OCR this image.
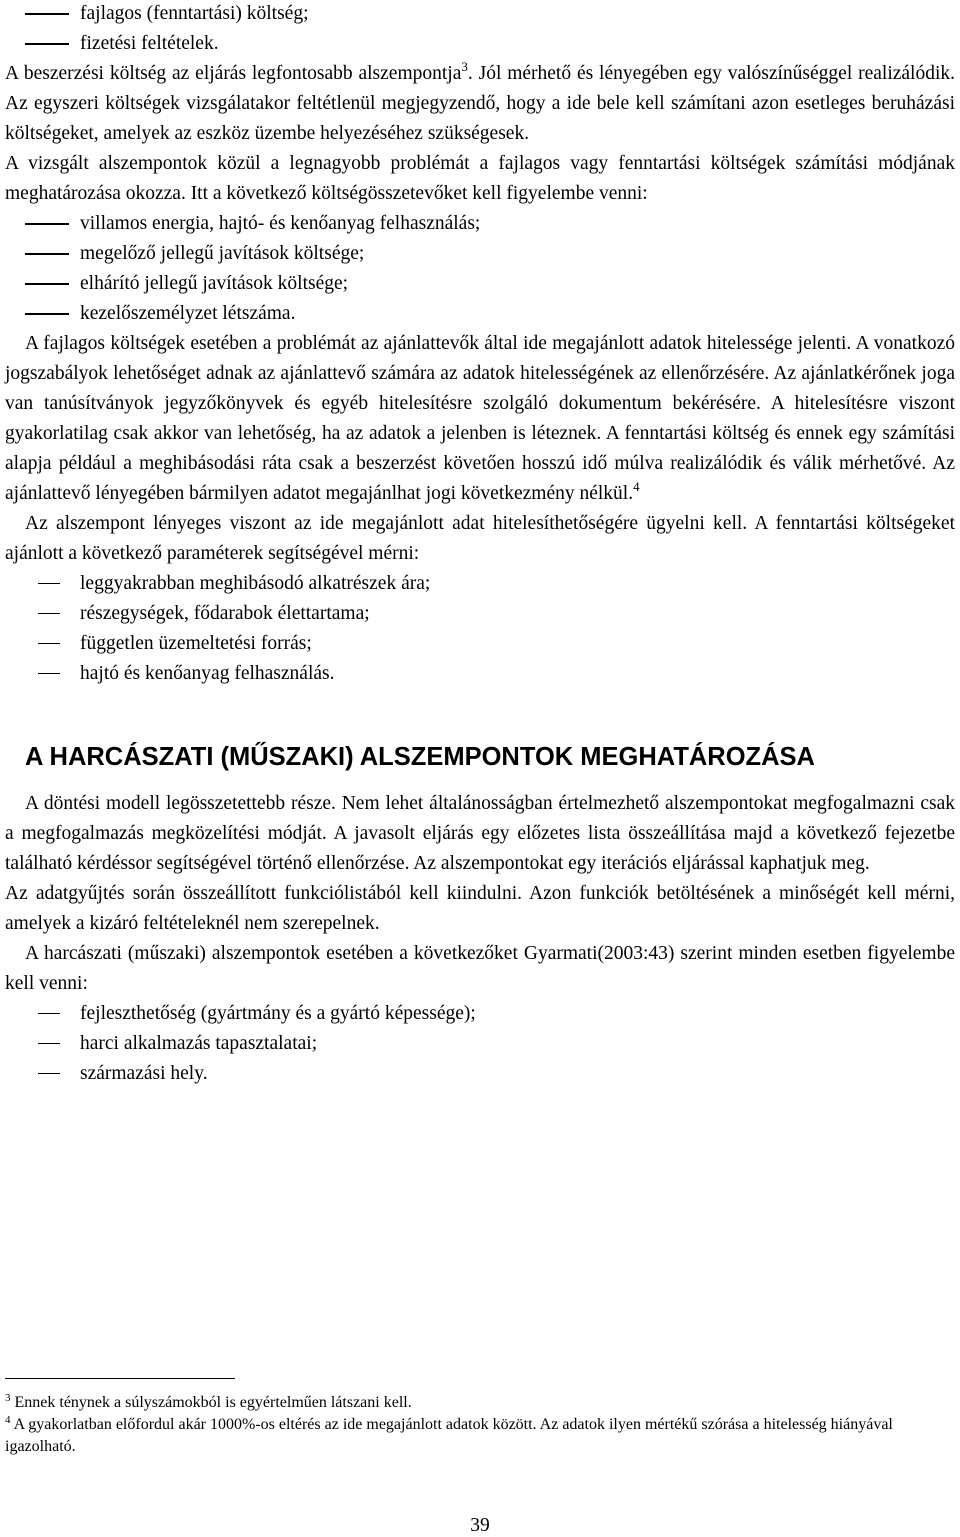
fajlagos (fenntartási) költség;
fizetési feltételek.

A beszerzési költség az eljárás legfontosabb alszempontja$^3$. Jól mérhető és lényegében egy valószínűséggel realizálódik. Az egyszeri költségek vizsgálatakor feltétlenül megjegyzendő, hogy a ide bele kell számítani azon esetleges beruházási költségeket, amelyek az eszköz üzembe helyezéséhez szükségesek.

A vizsgált alszempontok közül a legnagyobb problémát a fajlagos vagy fenntartási költségek számítási módjának meghatározása okozza. Itt a következő költségösszetevőket kell figyelembe venni:

villamos energia, hajtó- és kenőanyag felhasználás;
megelőző jellegű javítások költsége;
elhárító jellegű javítások költsége;
kezelőszemélyzet létszáma.

A fajlagos költségek esetében a problémát az ajánlattevők által ide megajánlott adatok hitelessége jelenti. A vonatkozó jogszabályok lehetőséget adnak az ajánlattevő számára az adatok hitelességének az ellenőrzésére. Az ajánlatkérőnek joga van tanúsítványok jegyzőkönyvek és egyéb hitelesítésre szolgáló dokumentum bekérésére. A hitelesítésre viszont gyakorlatilag csak akkor van lehetőség, ha az adatok a jelenben is léteznek. A fenntartási költség és ennek egy számítási alapja például a meghibásodási ráta csak a beszerzést követően hosszú idő múlva realizálódik és válik mérhetővé. Az ajánlattevő lényegében bármilyen adatot megajánlhat jogi következmény nélkül.$^4$

Az alszempont lényeges viszont az ide megajánlott adat hitelesíthetőségére ügyelni kell. A fenntartási költségeket ajánlott a következő paraméterek segítségével mérni:

leggyakrabban meghibásodó alkatrészek ára;
részegységek, fődarabok élettartama;
független üzemeltetési forrás;
hajtó és kenőanyag felhasználás.
A HARCÁSZATI (MŰSZAKI) ALSZEMPONTOK MEGHATÁROZÁSA

A döntési modell legösszetettebb része. Nem lehet általánosságban értelmezhető alszempontokat megfogalmazni csak a megfogalmazás megközelítési módját. A javasolt eljárás egy előzetes lista összeállítása majd a következő fejezetbe található kérdéssor segítségével történő ellenőrzése. Az alszempontokat egy iterációs eljárással kaphatjuk meg.

Az adatgyűjtés során összeállított funkciólistából kell kiindulni. Azon funkciók betöltésének a minőségét kell mérni, amelyek a kizáró feltételeknél nem szerepelnek.

A harcászati (műszaki) alszempontok esetében a következőket Gyarmati(2003:43) szerint minden esetben figyelembe kell venni:

fejleszthetőség (gyártmány és a gyártó képessége);
harci alkalmazás tapasztalatai;
származási hely.

$^3$ Ennek ténynek a súlyszámokból is egyértelműen látszani kell.

$^4$ A gyakorlatban előfordul akár 1000%-os eltérés az ide megajánlott adatok között. Az adatok ilyen mértékű szórása a hitelesség hiányával igazolható.

39
